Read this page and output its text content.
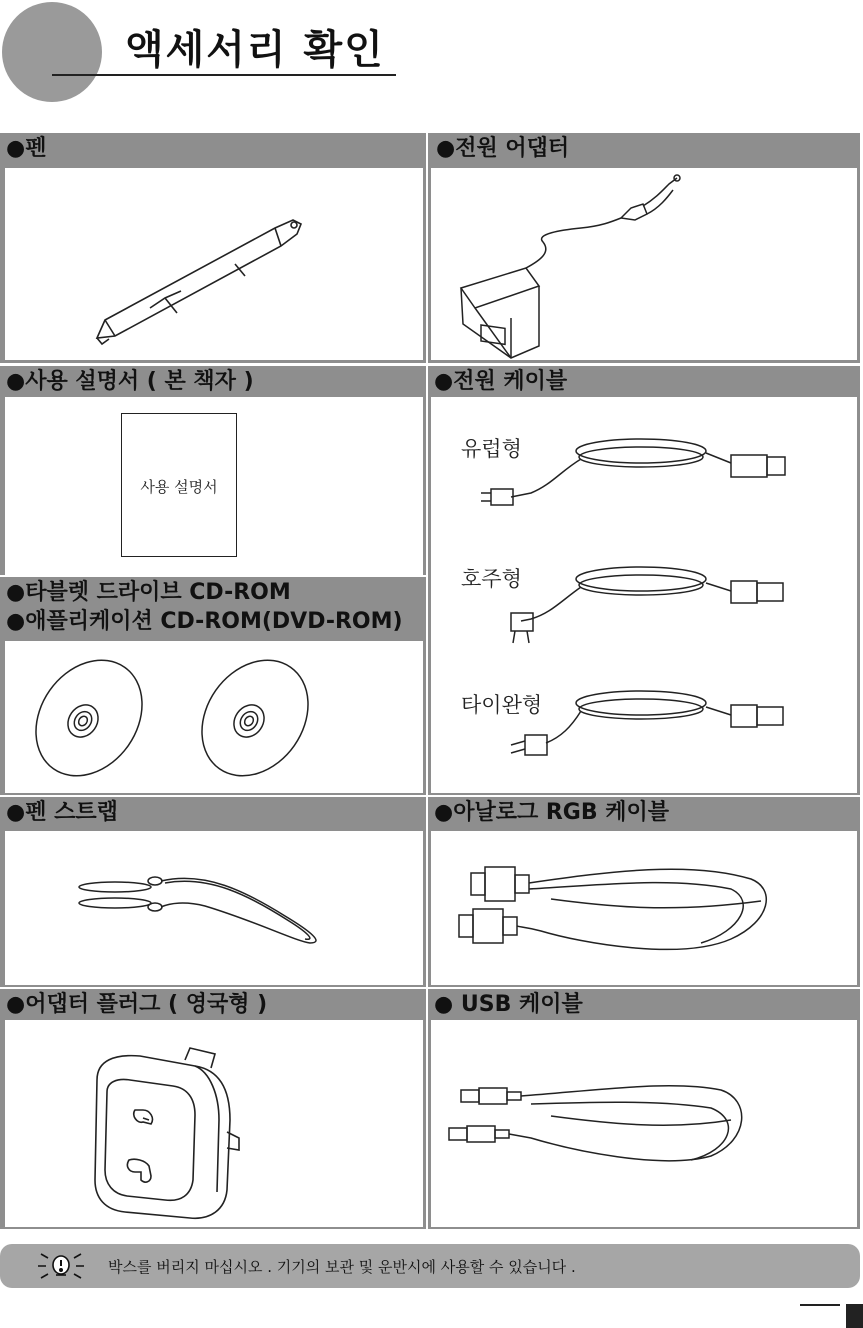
액세서리 확인
●펜
●사용 설명서 ( 본 책자 )
사용 설명서
●타블렛 드라이브 CD-ROM
●애플리케이션 CD-ROM(DVD-ROM)
●펜 스트랩
●어댑터 플러그 ( 영국형 )
●전원 어댑터
●전원 케이블
유럽형
호주형
타이완형
●아날로그 RGB 케이블
● USB 케이블
박스를 버리지 마십시오 . 기기의 보관 및 운반시에 사용할 수 있습니다 .
